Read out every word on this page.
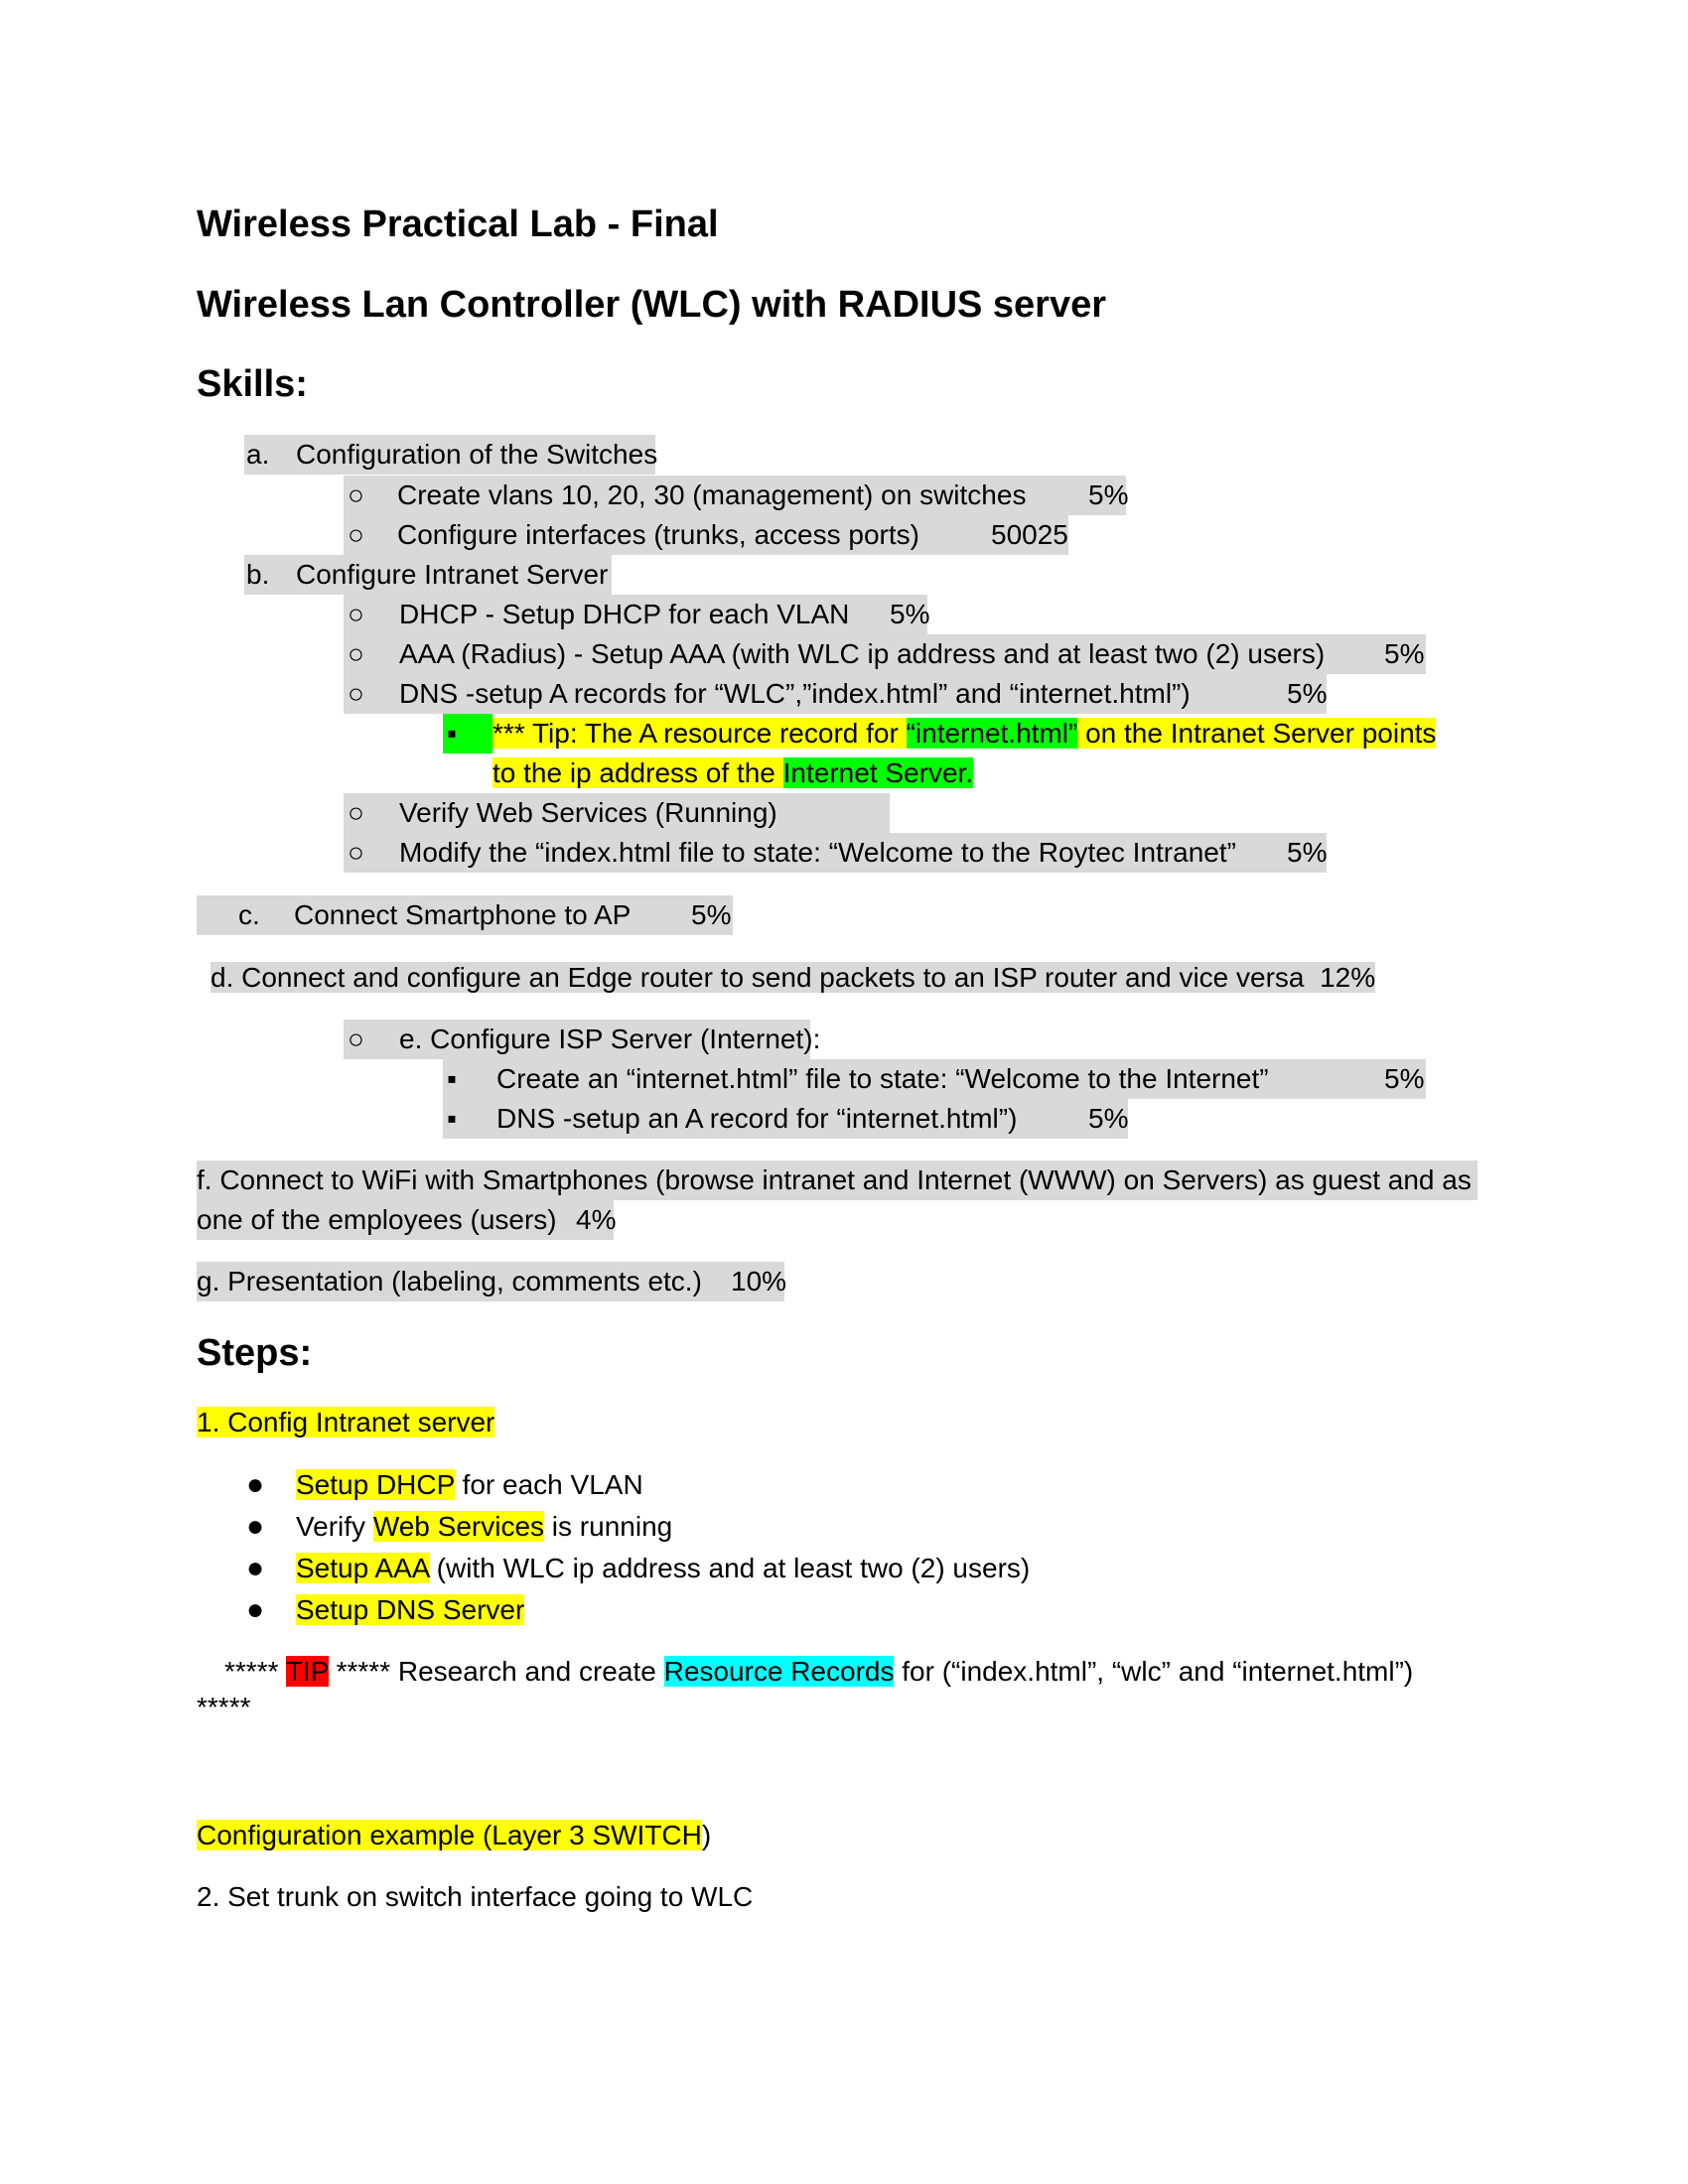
Wireless Practical Lab - Final
Wireless Lan Controller (WLC) with RADIUS server
Skills:
a. Configuration of the Switches
○ Create vlans 10, 20, 30 (management) on switches 5%
○ Configure interfaces (trunks, access ports)	50025
b. Configure Intranet Server
○ DHCP - Setup DHCP for each VLAN 5%
○ AAA (Radius) - Setup AAA (with WLC ip address and at least two (2) users) 5%
○ DNS -setup A records for “WLC”,”index.html” and “internet.html”)	5%
▪ *** Tip: The A resource record for “internet.html” on the Intranet Server points
to the ip address of the Internet Server.
○ Verify Web Services (Running)
○ Modify the “index.html file to state: “Welcome to the Roytec Intranet” 5%
c. Connect Smartphone to AP 5%
d. Connect and configure an Edge router to send packets to an ISP router and vice versa 12%
○ e. Configure ISP Server (Internet):
▪ Create an “internet.html” file to state: “Welcome to the Internet”	5%
▪ DNS -setup an A record for “internet.html”)	5%
f. Connect to WiFi with Smartphones (browse intranet and Internet (WWW) on Servers) as guest and as
one of the employees (users) 4%
g. Presentation (labeling, comments etc.) 10%
Steps:
1. Config Intranet server
● Setup DHCP for each VLAN
● Verify Web Services is running
● Setup AAA (with WLC ip address and at least two (2) users)
● Setup DNS Server
***** TIP ***** Research and create Resource Records for (“index.html”, “wlc” and “internet.html”)
*****
Configuration example (Layer 3 SWITCH)
2. Set trunk on switch interface going to WLC
